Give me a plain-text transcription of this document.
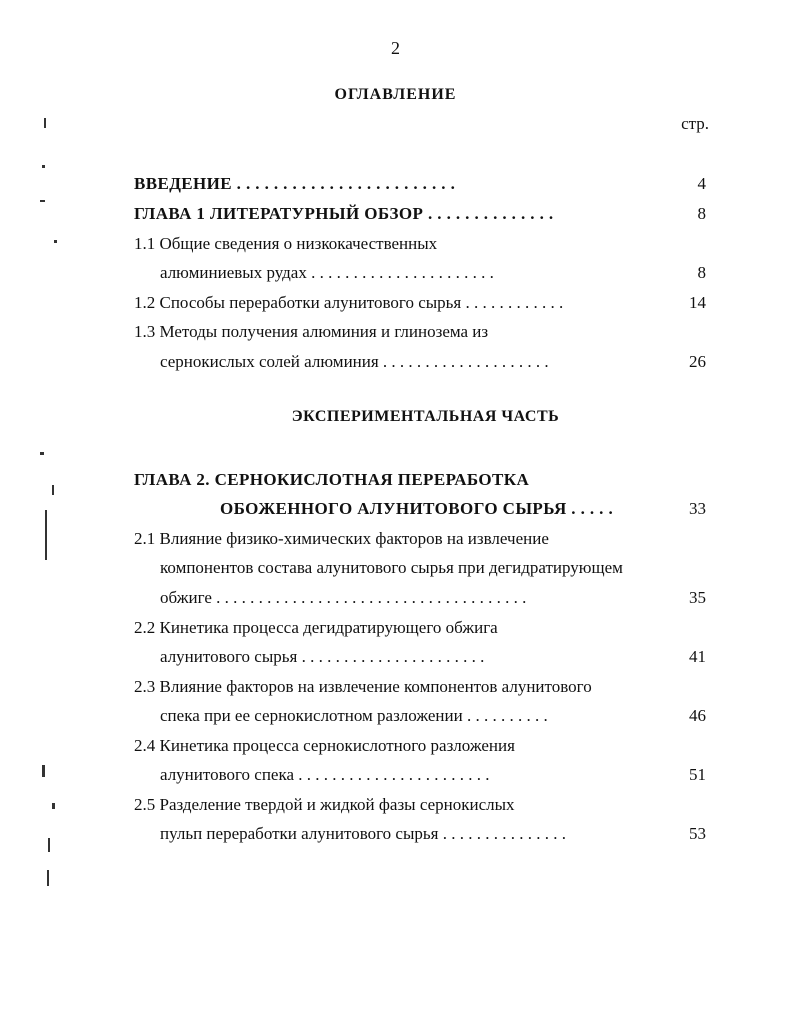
2
ОГЛАВЛЕНИЕ
стр.
ВВЕДЕНИЕ . . . . . . . . . . . . . . . . . . . . . . . .	4
ГЛАВА 1 ЛИТЕРАТУРНЫЙ ОБЗОР . . . . . . . . . . . . . .	8
1.1 Общие сведения о низкокачественных
алюминиевых рудах . . . . . . . . . . . . . . . . . . . . . .	8
1.2 Способы переработки алунитового сырья . . . . . . . . . . . .	14
1.3 Методы получения алюминия и глинозема из
сернокислых солей алюминия . . . . . . . . . . . . . . . . . . . .	26
ЭКСПЕРИМЕНТАЛЬНАЯ ЧАСТЬ
ГЛАВА 2. СЕРНОКИСЛОТНАЯ ПЕРЕРАБОТКА
ОБОЖЕННОГО АЛУНИТОВОГО СЫРЬЯ . . . . .	33
2.1 Влияние физико-химических факторов на извлечение
компонентов состава алунитового сырья при дегидратирующем
обжиге . . . . . . . . . . . . . . . . . . . . . . . . . . . . . . . . . . . . .	35
2.2 Кинетика процесса дегидратирующего обжига
алунитового сырья . . . . . . . . . . . . . . . . . . . . . .	41
2.3 Влияние факторов на извлечение компонентов алунитового
спека при ее сернокислотном разложении . . . . . . . . . .	46
2.4 Кинетика процесса сернокислотного разложения
алунитового спека . . . . . . . . . . . . . . . . . . . . . . .	51
2.5 Разделение твердой и жидкой фазы сернокислых
пульп переработки алунитового сырья . . . . . . . . . . . . . . .	53
